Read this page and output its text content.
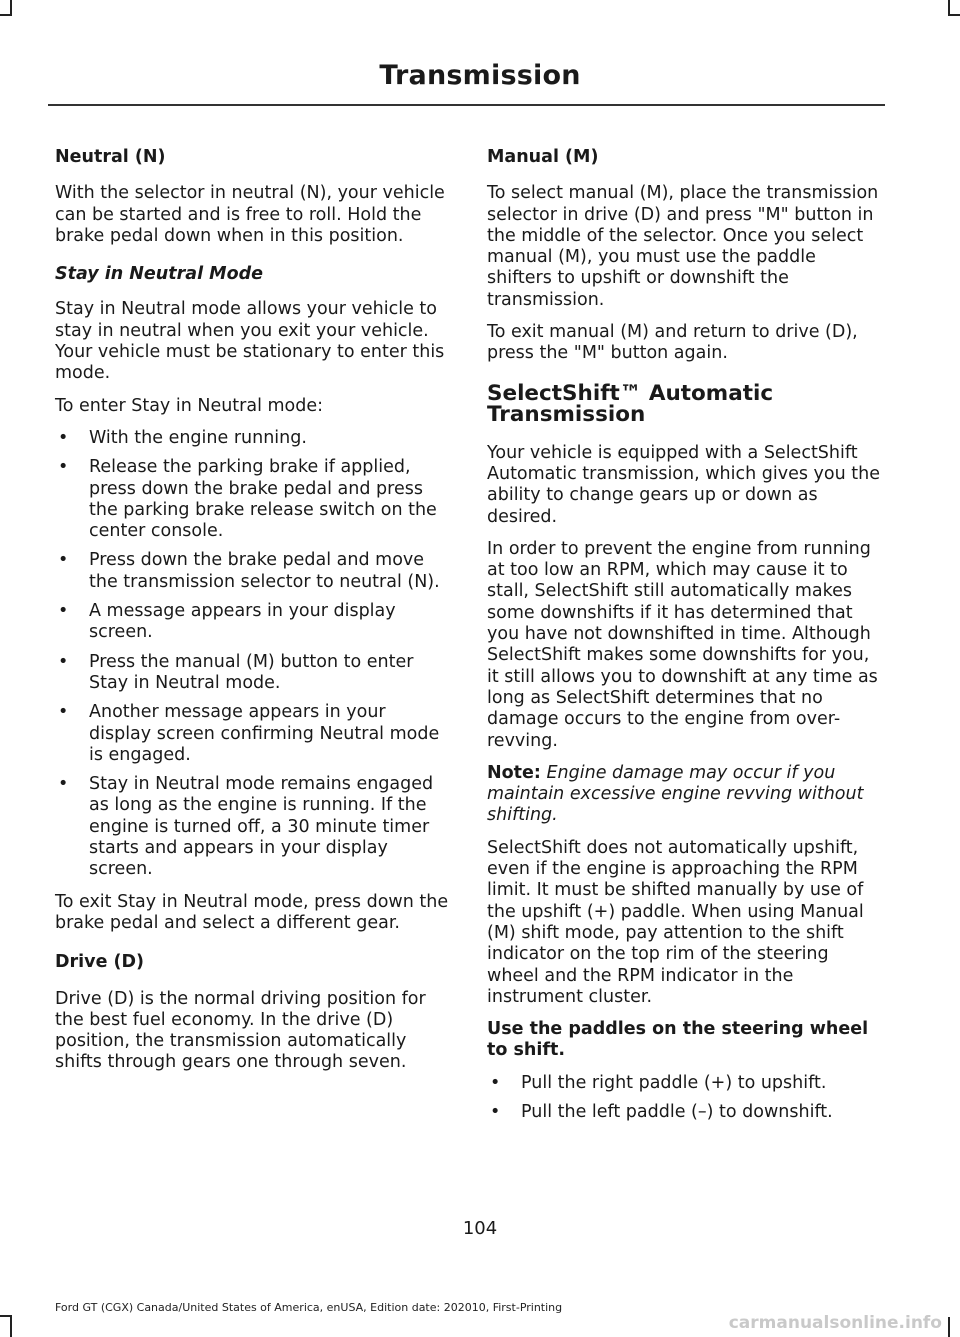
Transmission
Neutral (N)

With the selector in neutral (N), your vehicle can be started and is free to roll. Hold the brake pedal down when in this position.

Stay in Neutral Mode

Stay in Neutral mode allows your vehicle to stay in neutral when you exit your vehicle. Your vehicle must be stationary to enter this mode.

To enter Stay in Neutral mode:

• With the engine running.
• Release the parking brake if applied, press down the brake pedal and press the parking brake release switch on the center console.
• Press down the brake pedal and move the transmission selector to neutral (N).
• A message appears in your display screen.
• Press the manual (M) button to enter Stay in Neutral mode.
• Another message appears in your display screen confirming Neutral mode is engaged.
• Stay in Neutral mode remains engaged as long as the engine is running. If the engine is turned off, a 30 minute timer starts and appears in your display screen.

To exit Stay in Neutral mode, press down the brake pedal and select a different gear.

Drive (D)

Drive (D) is the normal driving position for the best fuel economy. In the drive (D) position, the transmission automatically shifts through gears one through seven.

Manual (M)

To select manual (M), place the transmission selector in drive (D) and press "M" button in the middle of the selector. Once you select manual (M), you must use the paddle shifters to upshift or downshift the transmission.

To exit manual (M) and return to drive (D), press the "M" button again.

SelectShift™ Automatic Transmission

Your vehicle is equipped with a SelectShift Automatic transmission, which gives you the ability to change gears up or down as desired.

In order to prevent the engine from running at too low an RPM, which may cause it to stall, SelectShift still automatically makes some downshifts if it has determined that you have not downshifted in time. Although SelectShift makes some downshifts for you, it still allows you to downshift at any time as long as SelectShift determines that no damage occurs to the engine from over-revving.

Note: Engine damage may occur if you maintain excessive engine revving without shifting.

SelectShift does not automatically upshift, even if the engine is approaching the RPM limit. It must be shifted manually by use of the upshift (+) paddle. When using Manual (M) shift mode, pay attention to the shift indicator on the top rim of the steering wheel and the RPM indicator in the instrument cluster.

Use the paddles on the steering wheel to shift.
• Pull the right paddle (+) to upshift.
• Pull the left paddle (–) to downshift.
104
Ford GT (CGX) Canada/United States of America, enUSA, Edition date: 202010, First-Printing
carmanualsonline.info
